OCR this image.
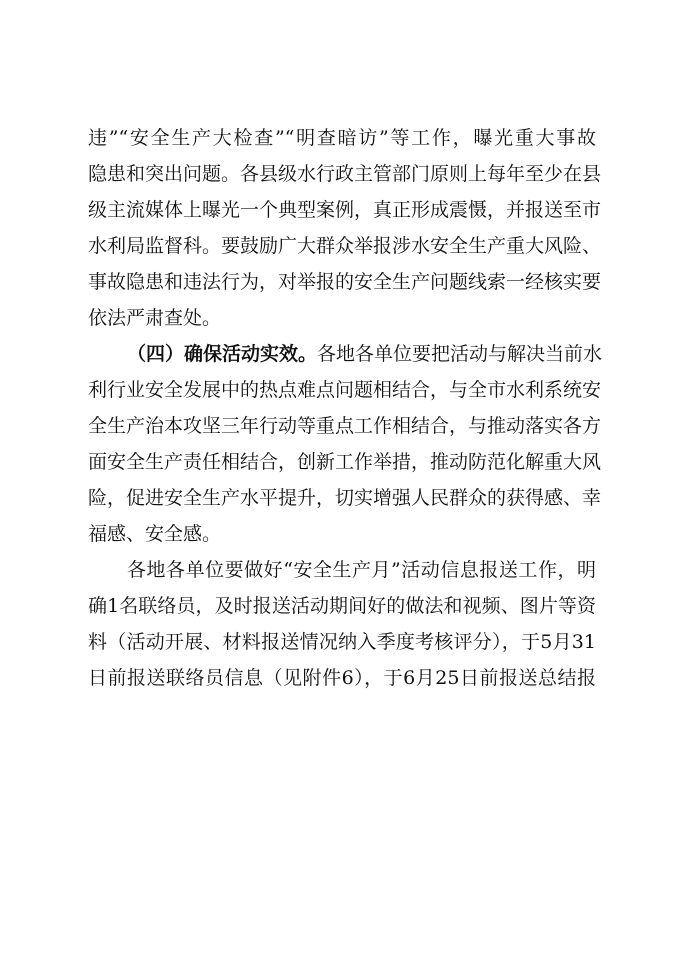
违”“安全生产大检查”“明查暗访”等工作，曝光重大事故
隐患和突出问题。各县级水行政主管部门原则上每年至少在县
级主流媒体上曝光一个典型案例，真正形成震慑，并报送至市
水利局监督科。要鼓励广大群众举报涉水安全生产重大风险、
事故隐患和违法行为，对举报的安全生产问题线索一经核实要
依法严肃查处。
（四）确保活动实效。各地各单位要把活动与解决当前水
利行业安全发展中的热点难点问题相结合，与全市水利系统安
全生产治本攻坚三年行动等重点工作相结合，与推动落实各方
面安全生产责任相结合，创新工作举措，推动防范化解重大风
险，促进安全生产水平提升，切实增强人民群众的获得感、幸
福感、安全感。
各地各单位要做好“安全生产月”活动信息报送工作，明
确1名联络员，及时报送活动期间好的做法和视频、图片等资
料（活动开展、材料报送情况纳入季度考核评分），于5月31
日前报送联络员信息（见附件6），于6月25日前报送总结报
